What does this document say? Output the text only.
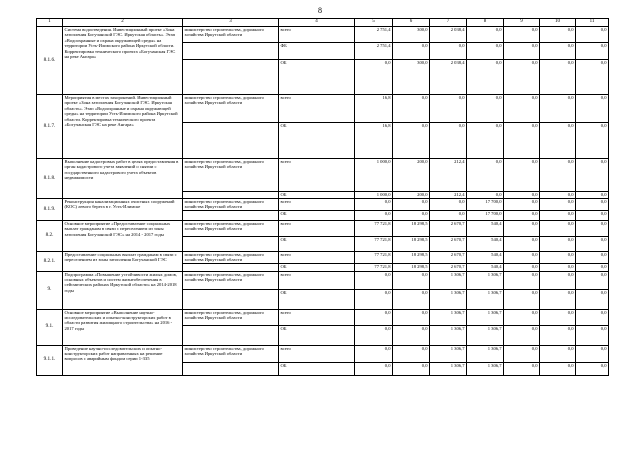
8
1	2	3	4	5	6	7	8	9	10	11
8.1.6.	Система водоотведения. Инвестиционный проект «Зона затопления Богучанской ГЭС. Иркутская область». Этап «Водоохранные и охрана окружающей среды» на территории Усть-Илимского района Иркутской области. Корректировка технического проекта «Богучанская ГЭС на реке Ангара»	министерство строительства, дорожного хозяйства Иркутской области	всего	2 751,4	300,0	2 038,4	0,0	0,0	0,0	0,0
			ФБ	2 751,4	0,0	0,0	0,0	0,0	0,0	0,0
			ОБ	0,0	300,0	2 038,4	0,0	0,0	0,0	0,0
8.1.7.	Мероприятия в местах захоронений. Инвестиционный проект «Зона затопления Богучанской ГЭС. Иркутская область». Этап «Водоохранные и охрана окружающей среды» на территории Усть-Илимского района Иркутской области. Корректировка технического проекта «Богучанская ГЭС на реке Ангара»	министерство строительства, дорожного хозяйства Иркутской области	всего	16,8	0,0	0,0	0,0	0,0	0,0	0,0
			ОБ	16,8	0,0	0,0	0,0	0,0	0,0	0,0
8.1.8.	Выполнение кадастровых работ в целях предоставления в орган кадастрового учета заявлений о снятии с государственного кадастрового учета объектов недвижимости	министерство строительства, дорожного хозяйства Иркутской области	всего	1 000,0	200,0	212,4	0,0	0,0	0,0	0,0
			ОБ	1 000,0	200,0	212,4	0,0	0,0	0,0	0,0
8.1.9.	Реконструкция канализационных очистных сооружений (КОС) левого берега в г. Усть-Илимске	министерство строительства, дорожного хозяйства Иркутской области	всего	0,0	0,0	0,0	17 700,0	0,0	0,0	0,0
			ОБ	0,0	0,0	0,0	17 700,0	0,0	0,0	0,0
8.2.	Основное мероприятие «Предоставление социальных выплат гражданам в связи с переселением из зоны затопления Богучанской ГЭС» на 2014 - 2017 годы	министерство строительства, дорожного хозяйства Иркутской области	всего	77 721,8	18 298,5	2 670,7	540,4	0,0	0,0	0,0
			ОБ	77 721,8	18 298,5	2 670,7	540,4	0,0	0,0	0,0
8.2.1.	Предоставление социальных выплат гражданам в связи с переселением из зоны затопления Богучанской ГЭС	министерство строительства, дорожного хозяйства Иркутской области	всего	77 721,8	18 298,5	2 670,7	540,4	0,0	0,0	0,0
			ОБ	77 721,8	18 298,5	2 670,7	540,4	0,0	0,0	0,0
9.	Подпрограмма «Повышение устойчивости жилых домов, основных объектов и систем жизнеобеспечения в сейсмических районах Иркутской области» на 2014-2018 годы	министерство строительства, дорожного хозяйства Иркутской области	всего	0,0	0,0	1 306,7	1 306,7	0,0	0,0	0,0
			ОБ	0,0	0,0	1 306,7	1 306,7	0,0	0,0	0,0
9.1.	Основное мероприятие «Выполнение научно-исследовательских и опытно-конструкторских работ в области развития жилищного строительства» на 2016 - 2017 годы	министерство строительства, дорожного хозяйства Иркутской области	всего	0,0	0,0	1 306,7	1 306,7	0,0	0,0	0,0
			ОБ	0,0	0,0	1 306,7	1 306,7	0,0	0,0	0,0
9.1.1.	Проведение научно-исследовательских и опытно-конструкторских работ направленных на решение вопросов с аварийным фондом серии 1-335	министерство строительства, дорожного хозяйства Иркутской области	всего	0,0	0,0	1 306,7	1 306,7	0,0	0,0	0,0
			ОБ	0,0	0,0	1 306,7	1 306,7	0,0	0,0	0,0
